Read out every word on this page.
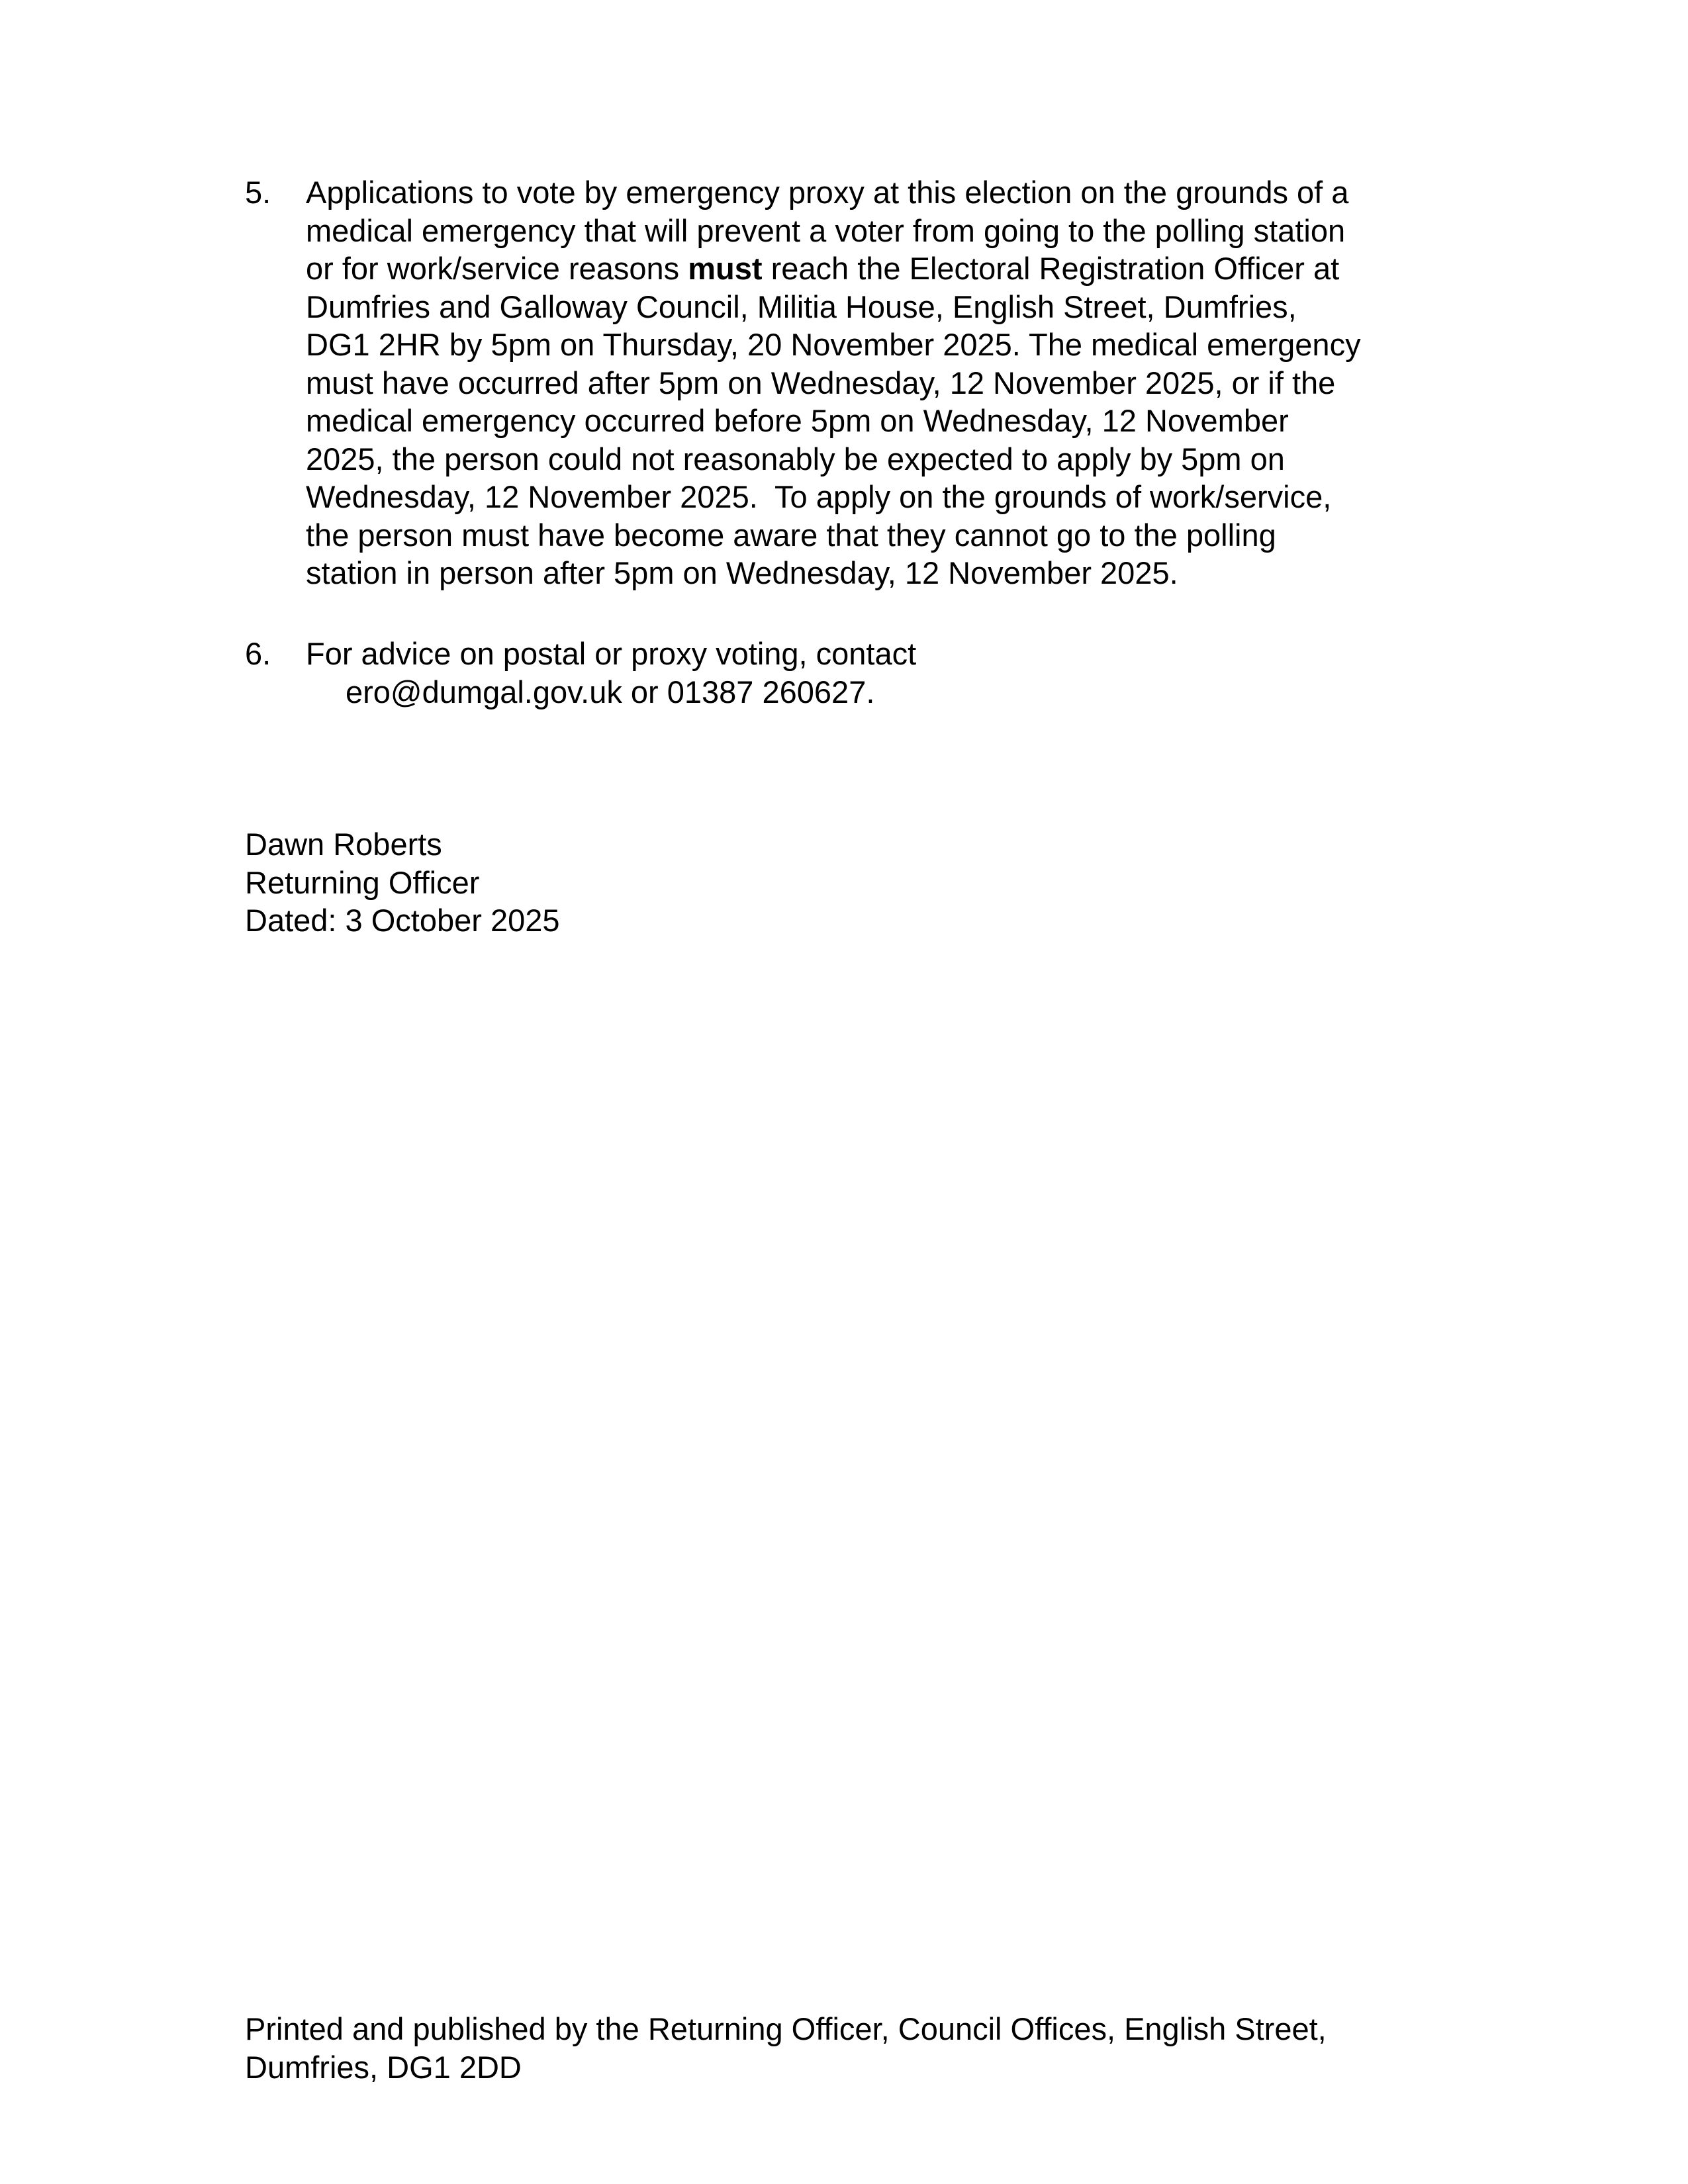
5.	Applications to vote by emergency proxy at this election on the grounds of a
medical emergency that will prevent a voter from going to the polling station
or for work/service reasons must reach the Electoral Registration Officer at
Dumfries and Galloway Council, Militia House, English Street, Dumfries,
DG1 2HR by 5pm on Thursday, 20 November 2025. The medical emergency
must have occurred after 5pm on Wednesday, 12 November 2025, or if the
medical emergency occurred before 5pm on Wednesday, 12 November
2025, the person could not reasonably be expected to apply by 5pm on
Wednesday, 12 November 2025.  To apply on the grounds of work/service,
the person must have become aware that they cannot go to the polling
station in person after 5pm on Wednesday, 12 November 2025.
6.	For advice on postal or proxy voting, contact
ero@dumgal.gov.uk or 01387 260627.
Dawn Roberts
Returning Officer
Dated: 3 October 2025
Printed and published by the Returning Officer, Council Offices, English Street,
Dumfries, DG1 2DD
